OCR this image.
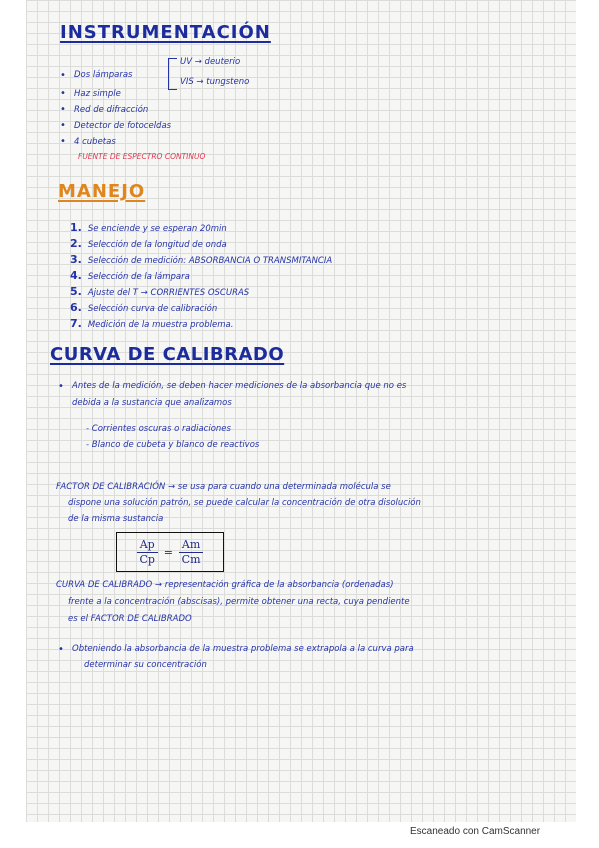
INSTRUMENTACIÓN
• Dos lámparas
UV → deuterio
VIS → tungsteno
• Haz simple
• Red de difracción
• Detector de fotoceldas
• 4 cubetas
FUENTE DE ESPECTRO CONTINUO
MANEJO
1. Se enciende y se esperan 20min
2. Selección de la longitud de onda
3. Selección de medición: ABSORBANCIA O TRANSMITANCIA
4. Selección de la lámpara
5. Ajuste del T → CORRIENTES OSCURAS
6. Selección curva de calibración
7. Medición de la muestra problema.
CURVA DE CALIBRADO
• Antes de la medición, se deben hacer mediciones de la absorbancia que no es
debida a la sustancia que analizamos
- Corrientes oscuras o radiaciones
- Blanco de cubeta y blanco de reactivos
FACTOR DE CALIBRACIÓN → se usa para cuando una determinada molécula se
dispone una solución patrón, se puede calcular la concentración de otra disolución
de la misma sustancia
$\frac{Ap}{Cp} = \frac{Am}{Cm}$
CURVA DE CALIBRADO → representación gráfica de la absorbancia (ordenadas)
frente a la concentración (abscisas), permite obtener una recta, cuya pendiente
es el FACTOR DE CALIBRADO
• Obteniendo la absorbancia de la muestra problema se extrapola a la curva para
determinar su concentración
Escaneado con CamScanner
